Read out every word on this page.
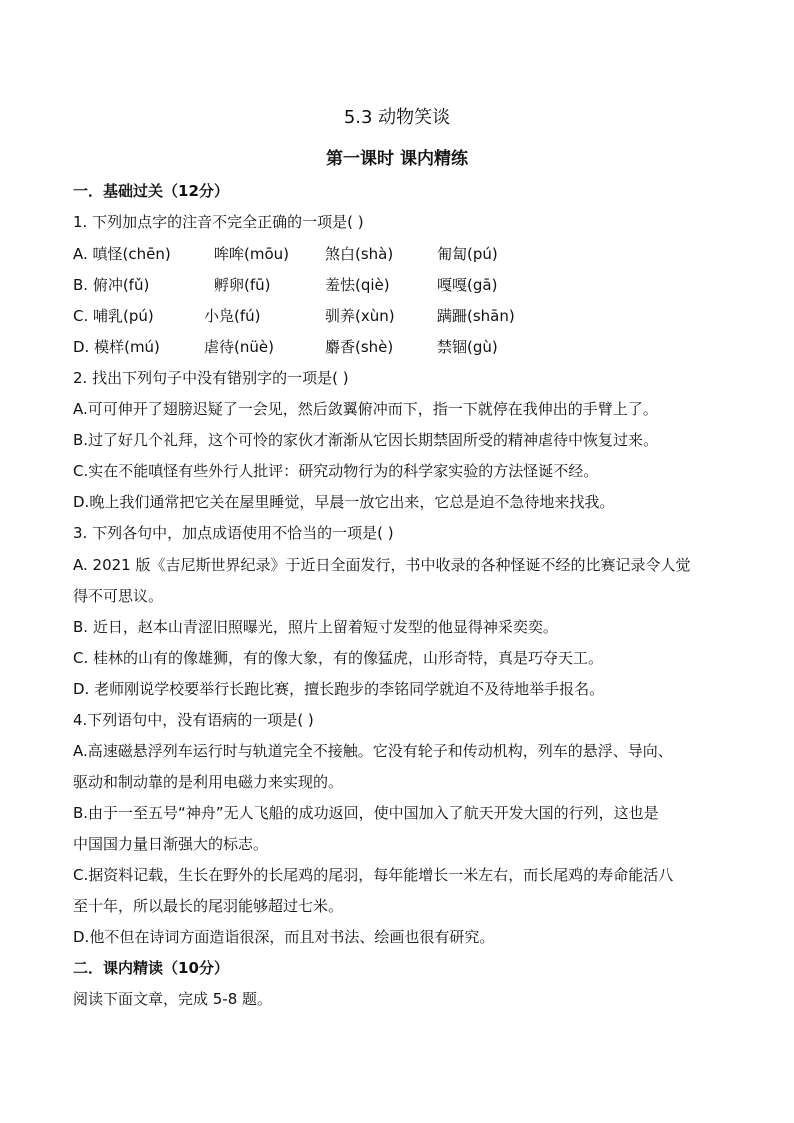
5.3 动物笑谈
第一课时 课内精练
一．基础过关（12分）
1. 下列加点字的注音不完全正确的一项是( )
A. 嗔怪(chēn)	哞哞(mōu) 煞白(shà)	匍匐(pú)
B. 俯冲(fǔ)	孵卵(fū)	羞怯(qiè)	嘎嘎(gā)
C. 哺乳(pú)	小凫(fú)	驯养(xùn)	蹒跚(shān)
D. 模样(mú)	虐待(nüè)	麝香(shè)	禁锢(gù)
2. 找出下列句子中没有错别字的一项是( )
A.可可伸开了翅膀迟疑了一会见，然后敛翼俯冲而下，指一下就停在我伸出的手臂上了。
B.过了好几个礼拜，这个可怜的家伙才渐渐从它因长期禁固所受的精神虐待中恢复过来。
C.实在不能嗔怪有些外行人批评：研究动物行为的科学家实验的方法怪诞不经。
D.晚上我们通常把它关在屋里睡觉，早晨一放它出来，它总是迫不急待地来找我。
3. 下列各句中，加点成语使用不恰当的一项是( )
A. 2021 版《吉尼斯世界纪录》于近日全面发行，书中收录的各种怪诞不经的比赛记录令人觉
得不可思议。
B. 近日，赵本山青涩旧照曝光，照片上留着短寸发型的他显得神采奕奕。
C. 桂林的山有的像雄狮，有的像大象，有的像猛虎，山形奇特，真是巧夺天工。
D. 老师刚说学校要举行长跑比赛，擅长跑步的李铭同学就迫不及待地举手报名。
4.下列语句中，没有语病的一项是( )
A.高速磁悬浮列车运行时与轨道完全不接触。它没有轮子和传动机构，列车的悬浮、导向、
驱动和制动靠的是利用电磁力来实现的。
B.由于一至五号“神舟”无人飞船的成功返回，使中国加入了航天开发大国的行列，这也是
中国国力量日渐强大的标志。
C.据资料记载，生长在野外的长尾鸡的尾羽，每年能增长一米左右，而长尾鸡的寿命能活八
至十年，所以最长的尾羽能够超过七米。
D.他不但在诗词方面造诣很深，而且对书法、绘画也很有研究。
二．课内精读（10分）
阅读下面文章，完成 5-8 题。
